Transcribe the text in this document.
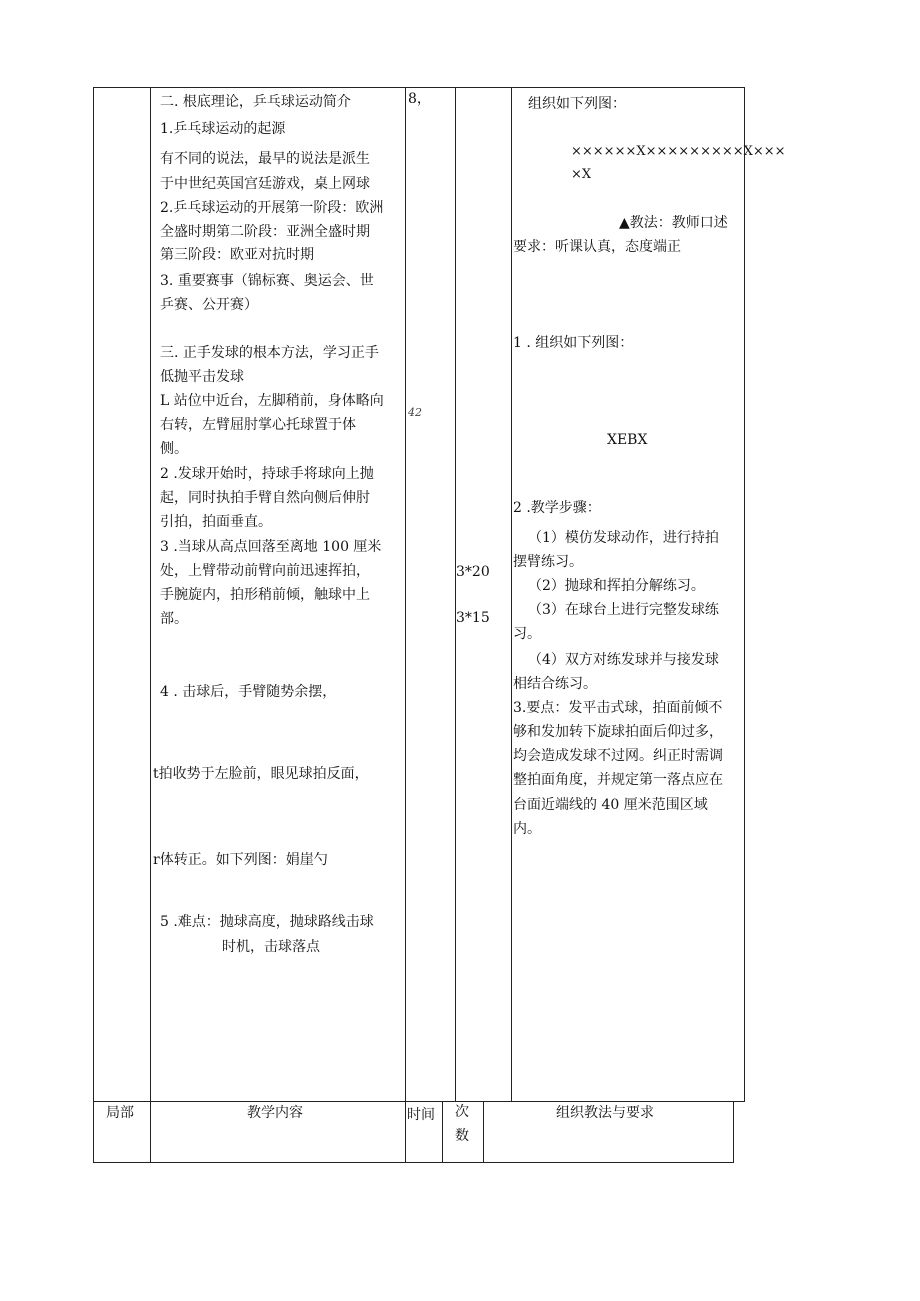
二. 根底理论，乒乓球运动简介
1.乒乓球运动的起源
有不同的说法，最早的说法是派生
于中世纪英国宫廷游戏，桌上网球
2.乒乓球运动的开展第一阶段：欧洲
全盛时期第二阶段：亚洲全盛时期
第三阶段：欧亚对抗时期
3. 重要赛事（锦标赛、奥运会、世
乒赛、公开赛）
三. 正手发球的根本方法，学习正手
低抛平击发球
L 站位中近台，左脚稍前，身体略向
右转，左臂屈肘掌心托球置于体
侧。
2 .发球开始时，持球手将球向上抛
起，同时执拍手臂自然向侧后伸肘
引拍，拍面垂直。
3 .当球从高点回落至离地 100 厘米
处，上臂带动前臂向前迅速挥拍，
手腕旋内，拍形稍前倾，触球中上
部。
4 . 击球后，手臂随势余摆，
t拍收势于左脸前，眼见球拍反面，
r体转正。如下列图：娟崖勺
5 .难点：抛球高度，抛球路线击球
时机，击球落点
8，
42
3*20
3*15
组织如下列图：
××××××X×××××××××X×××
×X
▲教法：教师口述
要求：听课认真，态度端正
1 . 组织如下列图：
XEBX
2 .教学步骤：
（1）模仿发球动作，进行持拍
摆臂练习。
（2）抛球和挥拍分解练习。
（3）在球台上进行完整发球练
习。
（4）双方对练发球并与接发球
相结合练习。
3.要点：发平击式球，拍面前倾不
够和发加转下旋球拍面后仰过多，
均会造成发球不过网。纠正时需调
整拍面角度，并规定第一落点应在
台面近端线的 40 厘米范围区域
内。
局部	教学内容	时间 次
数
组织教法与要求
